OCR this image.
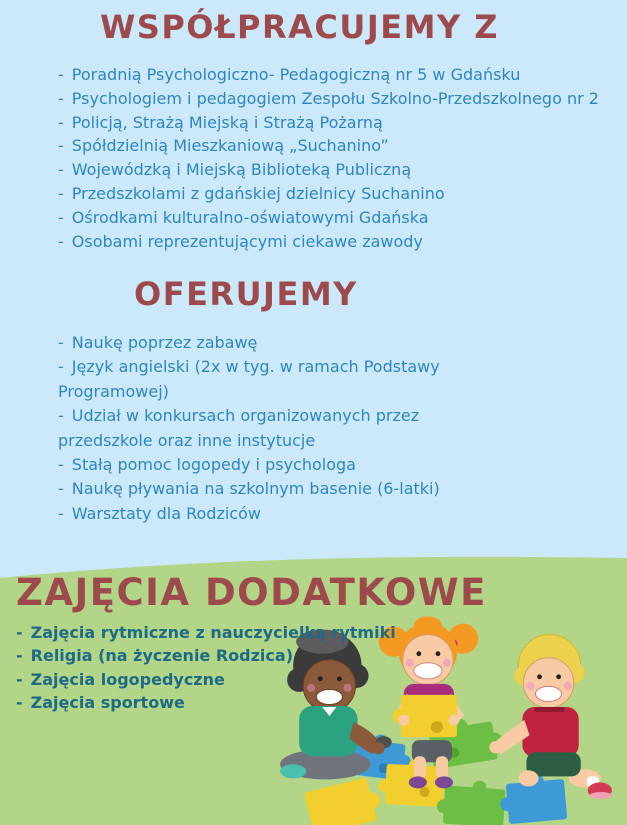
WSPÓŁPRACUJEMY Z
- Poradnią Psychologiczno- Pedagogiczną nr 5 w Gdańsku
- Psychologiem i pedagogiem Zespołu Szkolno-Przedszkolnego nr 2
- Policją, Strażą Miejską i Strażą Pożarną
- Spółdzielnią Mieszkaniową „Suchanino”
- Wojewódzką i Miejską Biblioteką Publiczną
- Przedszkolami z gdańskiej dzielnicy Suchanino
- Ośrodkami kulturalno-oświatowymi Gdańska
- Osobami reprezentującymi ciekawe zawody
OFERUJEMY
- Naukę poprzez zabawę
- Język angielski (2x w tyg. w ramach Podstawy Programowej)
- Udział w konkursach organizowanych przez przedszkole oraz inne instytucje
- Stałą pomoc logopedy i psychologa
- Naukę pływania na szkolnym basenie (6-latki)
- Warsztaty dla Rodziców
ZAJĘCIA DODATKOWE
- Zajęcia rytmiczne z nauczycielką rytmiki
- Religia (na życzenie Rodzica)
- Zajęcia logopedyczne
- Zajęcia sportowe
